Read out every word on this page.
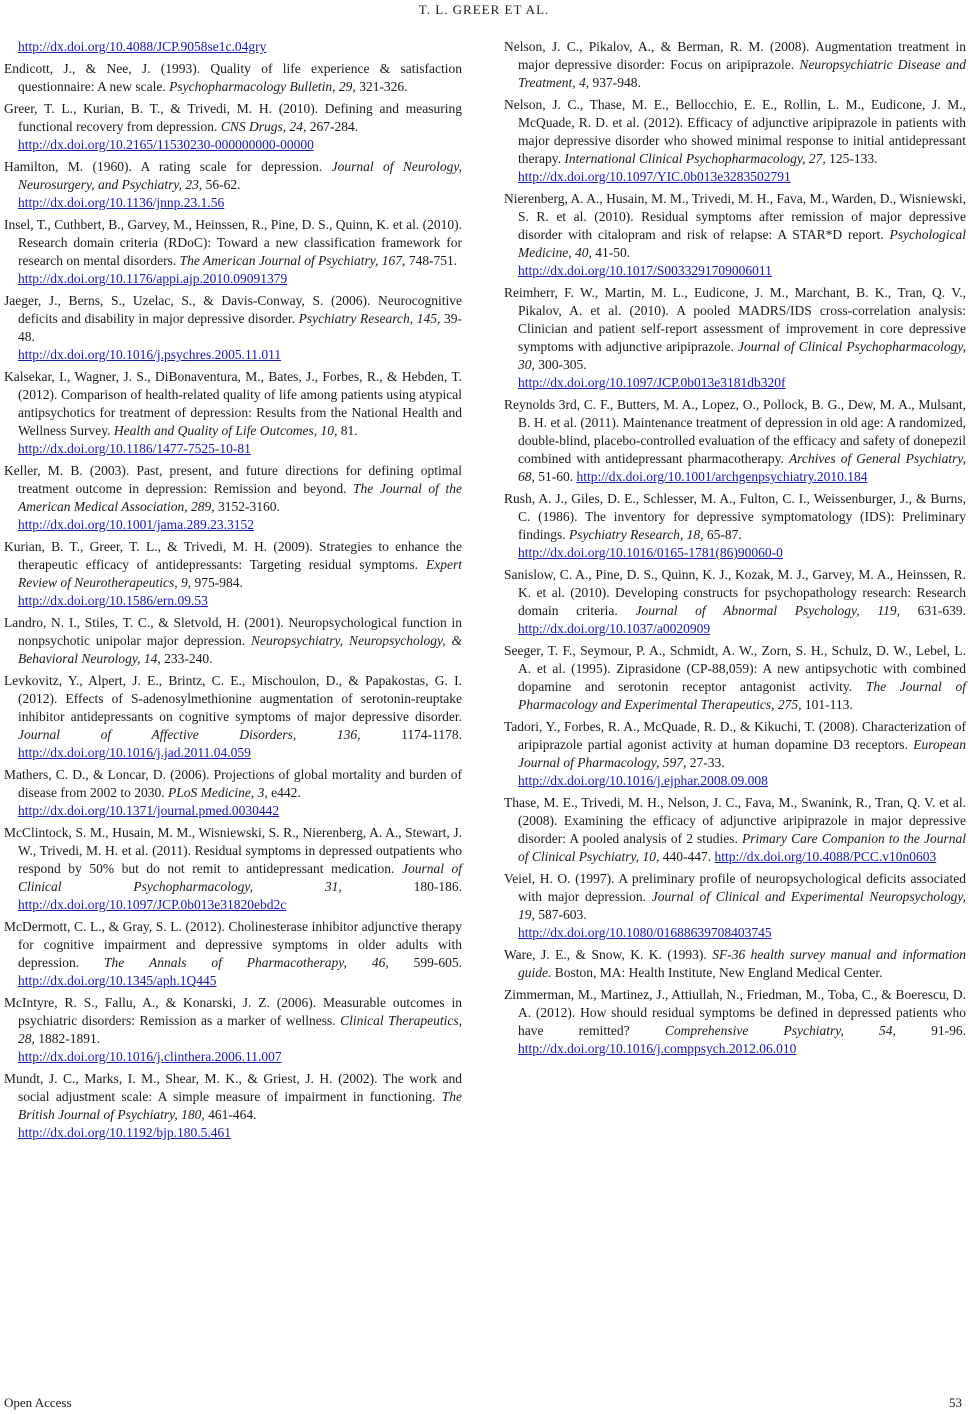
T. L. GREER ET AL.
http://dx.doi.org/10.4088/JCP.9058se1c.04gry
Endicott, J., & Nee, J. (1993). Quality of life experience & satisfaction questionnaire: A new scale. Psychopharmacology Bulletin, 29, 321-326.
Greer, T. L., Kurian, B. T., & Trivedi, M. H. (2010). Defining and measuring functional recovery from depression. CNS Drugs, 24, 267-284.
http://dx.doi.org/10.2165/11530230-000000000-00000
Hamilton, M. (1960). A rating scale for depression. Journal of Neurology, Neurosurgery, and Psychiatry, 23, 56-62.
http://dx.doi.org/10.1136/jnnp.23.1.56
Insel, T., Cuthbert, B., Garvey, M., Heinssen, R., Pine, D. S., Quinn, K. et al. (2010). Research domain criteria (RDoC): Toward a new classification framework for research on mental disorders. The American Journal of Psychiatry, 167, 748-751.
http://dx.doi.org/10.1176/appi.ajp.2010.09091379
Jaeger, J., Berns, S., Uzelac, S., & Davis-Conway, S. (2006). Neurocognitive deficits and disability in major depressive disorder. Psychiatry Research, 145, 39-48.
http://dx.doi.org/10.1016/j.psychres.2005.11.011
Kalsekar, I., Wagner, J. S., DiBonaventura, M., Bates, J., Forbes, R., & Hebden, T. (2012). Comparison of health-related quality of life among patients using atypical antipsychotics for treatment of depression: Results from the National Health and Wellness Survey. Health and Quality of Life Outcomes, 10, 81.
http://dx.doi.org/10.1186/1477-7525-10-81
Keller, M. B. (2003). Past, present, and future directions for defining optimal treatment outcome in depression: Remission and beyond. The Journal of the American Medical Association, 289, 3152-3160.
http://dx.doi.org/10.1001/jama.289.23.3152
Kurian, B. T., Greer, T. L., & Trivedi, M. H. (2009). Strategies to enhance the therapeutic efficacy of antidepressants: Targeting residual symptoms. Expert Review of Neurotherapeutics, 9, 975-984.
http://dx.doi.org/10.1586/ern.09.53
Landro, N. I., Stiles, T. C., & Sletvold, H. (2001). Neuropsychological function in nonpsychotic unipolar major depression. Neuropsychiatry, Neuropsychology, & Behavioral Neurology, 14, 233-240.
Levkovitz, Y., Alpert, J. E., Brintz, C. E., Mischoulon, D., & Papakostas, G. I. (2012). Effects of S-adenosylmethionine augmentation of serotonin-reuptake inhibitor antidepressants on cognitive symptoms of major depressive disorder. Journal of Affective Disorders, 136, 1174-1178. http://dx.doi.org/10.1016/j.jad.2011.04.059
Mathers, C. D., & Loncar, D. (2006). Projections of global mortality and burden of disease from 2002 to 2030. PLoS Medicine, 3, e442.
http://dx.doi.org/10.1371/journal.pmed.0030442
McClintock, S. M., Husain, M. M., Wisniewski, S. R., Nierenberg, A. A., Stewart, J. W., Trivedi, M. H. et al. (2011). Residual symptoms in depressed outpatients who respond by 50% but do not remit to antidepressant medication. Journal of Clinical Psychopharmacology, 31, 180-186. http://dx.doi.org/10.1097/JCP.0b013e31820ebd2c
McDermott, C. L., & Gray, S. L. (2012). Cholinesterase inhibitor adjunctive therapy for cognitive impairment and depressive symptoms in older adults with depression. The Annals of Pharmacotherapy, 46, 599-605. http://dx.doi.org/10.1345/aph.1Q445
McIntyre, R. S., Fallu, A., & Konarski, J. Z. (2006). Measurable outcomes in psychiatric disorders: Remission as a marker of wellness. Clinical Therapeutics, 28, 1882-1891.
http://dx.doi.org/10.1016/j.clinthera.2006.11.007
Mundt, J. C., Marks, I. M., Shear, M. K., & Griest, J. H. (2002). The work and social adjustment scale: A simple measure of impairment in functioning. The British Journal of Psychiatry, 180, 461-464.
http://dx.doi.org/10.1192/bjp.180.5.461
Nelson, J. C., Pikalov, A., & Berman, R. M. (2008). Augmentation treatment in major depressive disorder: Focus on aripiprazole. Neuropsychiatric Disease and Treatment, 4, 937-948.
Nelson, J. C., Thase, M. E., Bellocchio, E. E., Rollin, L. M., Eudicone, J. M., McQuade, R. D. et al. (2012). Efficacy of adjunctive aripiprazole in patients with major depressive disorder who showed minimal response to initial antidepressant therapy. International Clinical Psychopharmacology, 27, 125-133.
http://dx.doi.org/10.1097/YIC.0b013e3283502791
Nierenberg, A. A., Husain, M. M., Trivedi, M. H., Fava, M., Warden, D., Wisniewski, S. R. et al. (2010). Residual symptoms after remission of major depressive disorder with citalopram and risk of relapse: A STAR*D report. Psychological Medicine, 40, 41-50.
http://dx.doi.org/10.1017/S0033291709006011
Reimherr, F. W., Martin, M. L., Eudicone, J. M., Marchant, B. K., Tran, Q. V., Pikalov, A. et al. (2010). A pooled MADRS/IDS cross-correlation analysis: Clinician and patient self-report assessment of improvement in core depressive symptoms with adjunctive aripiprazole. Journal of Clinical Psychopharmacology, 30, 300-305.
http://dx.doi.org/10.1097/JCP.0b013e3181db320f
Reynolds 3rd, C. F., Butters, M. A., Lopez, O., Pollock, B. G., Dew, M. A., Mulsant, B. H. et al. (2011). Maintenance treatment of depression in old age: A randomized, double-blind, placebo-controlled evaluation of the efficacy and safety of donepezil combined with antidepressant pharmacotherapy. Archives of General Psychiatry, 68, 51-60. http://dx.doi.org/10.1001/archgenpsychiatry.2010.184
Rush, A. J., Giles, D. E., Schlesser, M. A., Fulton, C. I., Weissenburger, J., & Burns, C. (1986). The inventory for depressive symptomatology (IDS): Preliminary findings. Psychiatry Research, 18, 65-87.
http://dx.doi.org/10.1016/0165-1781(86)90060-0
Sanislow, C. A., Pine, D. S., Quinn, K. J., Kozak, M. J., Garvey, M. A., Heinssen, R. K. et al. (2010). Developing constructs for psychopathology research: Research domain criteria. Journal of Abnormal Psychology, 119, 631-639. http://dx.doi.org/10.1037/a0020909
Seeger, T. F., Seymour, P. A., Schmidt, A. W., Zorn, S. H., Schulz, D. W., Lebel, L. A. et al. (1995). Ziprasidone (CP-88,059): A new antipsychotic with combined dopamine and serotonin receptor antagonist activity. The Journal of Pharmacology and Experimental Therapeutics, 275, 101-113.
Tadori, Y., Forbes, R. A., McQuade, R. D., & Kikuchi, T. (2008). Characterization of aripiprazole partial agonist activity at human dopamine D3 receptors. European Journal of Pharmacology, 597, 27-33.
http://dx.doi.org/10.1016/j.ejphar.2008.09.008
Thase, M. E., Trivedi, M. H., Nelson, J. C., Fava, M., Swanink, R., Tran, Q. V. et al. (2008). Examining the efficacy of adjunctive aripiprazole in major depressive disorder: A pooled analysis of 2 studies. Primary Care Companion to the Journal of Clinical Psychiatry, 10, 440-447. http://dx.doi.org/10.4088/PCC.v10n0603
Veiel, H. O. (1997). A preliminary profile of neuropsychological deficits associated with major depression. Journal of Clinical and Experimental Neuropsychology, 19, 587-603.
http://dx.doi.org/10.1080/01688639708403745
Ware, J. E., & Snow, K. K. (1993). SF-36 health survey manual and information guide. Boston, MA: Health Institute, New England Medical Center.
Zimmerman, M., Martinez, J., Attiullah, N., Friedman, M., Toba, C., & Boerescu, D. A. (2012). How should residual symptoms be defined in depressed patients who have remitted? Comprehensive Psychiatry, 54, 91-96. http://dx.doi.org/10.1016/j.comppsych.2012.06.010
Open Access	53
